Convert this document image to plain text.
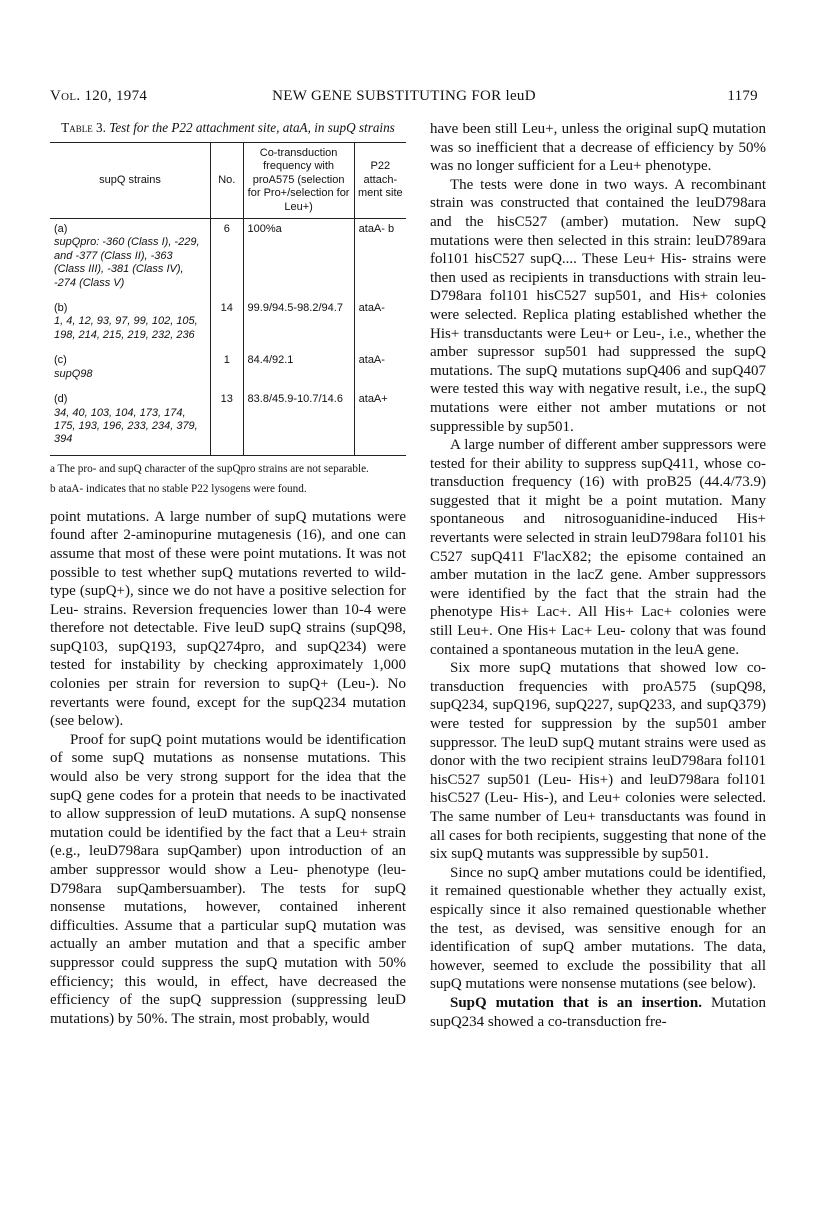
Vol. 120, 1974	NEW GENE SUBSTITUTING FOR leuD	1179
Table 3. Test for the P22 attachment site, ataA, in supQ strains
supQ strains	No.	Co-transduction frequency with proA575 (selection for Pro+/selection for Leu+)	P22 attach-ment site
(a)supQpro: -360 (Class I), -229, and -377 (Class II), -363 (Class III), -381 (Class IV), -274 (Class V)	6	100%a	ataA- b
(b)1, 4, 12, 93, 97, 99, 102, 105, 198, 214, 215, 219, 232, 236	14	99.9/94.5-98.2/94.7	ataA-
(c)supQ98	1	84.4/92.1	ataA-
(d)34, 40, 103, 104, 173, 174, 175, 193, 196, 233, 234, 379, 394	13	83.8/45.9-10.7/14.6	ataA+

a The pro- and supQ character of the supQpro strains are not separable.

b ataA- indicates that no stable P22 lysogens were found.

point mutations. A large number of supQ mutations were found after 2-aminopurine mutagenesis (16), and one can assume that most of these were point mutations. It was not possible to test whether supQ mutations reverted to wild-type (supQ+), since we do not have a positive selection for Leu- strains. Reversion frequencies lower than 10-4 were therefore not detectable. Five leuD supQ strains (supQ98, supQ103, supQ193, supQ274pro, and supQ234) were tested for instability by checking approximately 1,000 colonies per strain for reversion to supQ+ (Leu-). No revertants were found, except for the supQ234 mutation (see below).

Proof for supQ point mutations would be identification of some supQ mutations as nonsense mutations. This would also be very strong support for the idea that the supQ gene codes for a protein that needs to be inactivated to allow suppression of leuD mutations. A supQ nonsense mutation could be identified by the fact that a Leu+ strain (e.g., leuD798ara supQamber) upon introduction of an amber suppressor would show a Leu- phenotype (leu-D798ara supQambersuamber). The tests for supQ nonsense mutations, however, contained inherent difficulties. Assume that a particular supQ mutation was actually an amber mutation and that a specific amber suppressor could suppress the supQ mutation with 50% efficiency; this would, in effect, have decreased the efficiency of the supQ suppression (suppressing leuD mutations) by 50%. The strain, most probably, would

have been still Leu+, unless the original supQ mutation was so inefficient that a decrease of efficiency by 50% was no longer sufficient for a Leu+ phenotype.

The tests were done in two ways. A recombinant strain was constructed that contained the leuD798ara and the hisC527 (amber) mutation. New supQ mutations were then selected in this strain: leuD789ara fol101 hisC527 supQ.... These Leu+ His- strains were then used as recipients in transductions with strain leu-D798ara fol101 hisC527 sup501, and His+ colonies were selected. Replica plating established whether the His+ transductants were Leu+ or Leu-, i.e., whether the amber supressor sup501 had suppressed the supQ mutations. The supQ mutations supQ406 and supQ407 were tested this way with negative result, i.e., the supQ mutations were either not amber mutations or not suppressible by sup501.

A large number of different amber suppressors were tested for their ability to suppress supQ411, whose co-transduction frequency (16) with proB25 (44.4/73.9) suggested that it might be a point mutation. Many spontaneous and nitrosoguanidine-induced His+ revertants were selected in strain leuD798ara fol101 his C527 supQ411 F'lacX82; the episome contained an amber mutation in the lacZ gene. Amber suppressors were identified by the fact that the strain had the phenotype His+ Lac+. All His+ Lac+ colonies were still Leu+. One His+ Lac+ Leu- colony that was found contained a spontaneous mutation in the leuA gene.

Six more supQ mutations that showed low co-transduction frequencies with proA575 (supQ98, supQ234, supQ196, supQ227, supQ233, and supQ379) were tested for suppression by the sup501 amber suppressor. The leuD supQ mutant strains were used as donor with the two recipient strains leuD798ara fol101 hisC527 sup501 (Leu- His+) and leuD798ara fol101 hisC527 (Leu- His-), and Leu+ colonies were selected. The same number of Leu+ transductants was found in all cases for both recipients, suggesting that none of the six supQ mutants was suppressible by sup501.

Since no supQ amber mutations could be identified, it remained questionable whether they actually exist, espically since it also remained questionable whether the test, as devised, was sensitive enough for an identification of supQ amber mutations. The data, however, seemed to exclude the possibility that all supQ mutations were nonsense mutations (see below).

SupQ mutation that is an insertion. Mutation supQ234 showed a co-transduction fre-
